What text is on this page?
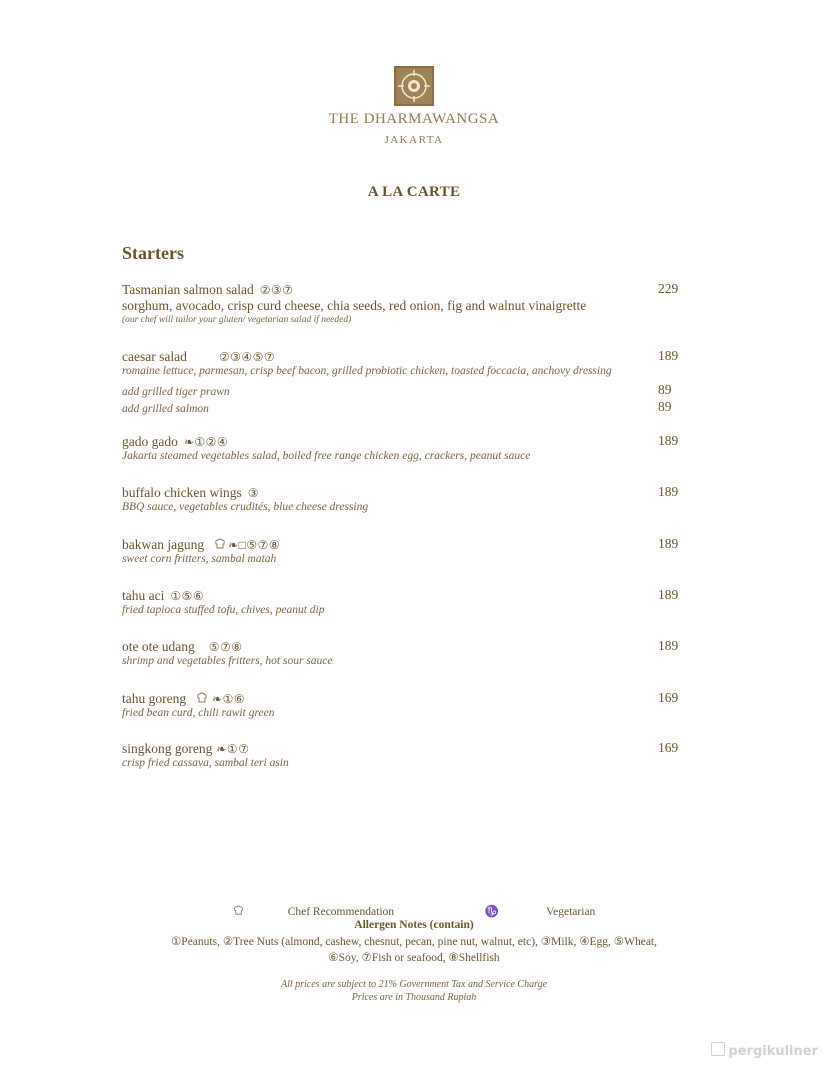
THE DHARMAWANGSA
JAKARTA
A LA CARTE
Starters
Tasmanian salmon salad ②③⑦	229
sorghum, avocado, crisp curd cheese, chia seeds, red onion, fig and walnut vinaigrette
(our chef will tailor your gluten/ vegetarian salad if needed)
caesar salad	②③④⑤⑦	189
romaine lettuce, parmesan, crisp beef bacon, grilled probiotic chicken, toasted foccacia, anchovy dressing
add grilled tiger prawn	89
add grilled salmon	89
gado gado ❧①②④	189
Jakarta steamed vegetables salad, boiled free range chicken egg, crackers, peanut sauce
buffalo chicken wings ③	189
BBQ sauce, vegetables crudités, blue cheese dressing
bakwan jagung ❧□⑤⑦⑧	189
sweet corn fritters, sambal matah
tahu aci ①⑤⑥	189
fried tapioca stuffed tofu, chives, peanut dip
ote ote udang ⑤⑦⑧	189
shrimp and vegetables fritters, hot sour sauce
tahu goreng ❧①⑥	169
fried bean curd, chili rawit green
singkong goreng ❧①⑦	169
crisp fried cassava, sambal teri asin
Chef Recommendation	♑	Vegetarian
Allergen Notes (contain)
①Peanuts, ②Tree Nuts (almond, cashew, chesnut, pecan, pine nut, walnut, etc), ③Milk, ④Egg, ⑤Wheat,
⑥Soy, ⑦Fish or seafood, ⑧Shellfish
All prices are subject to 21% Government Tax and Service Charge
Prices are in Thousand Rupiah
pergikuliner
